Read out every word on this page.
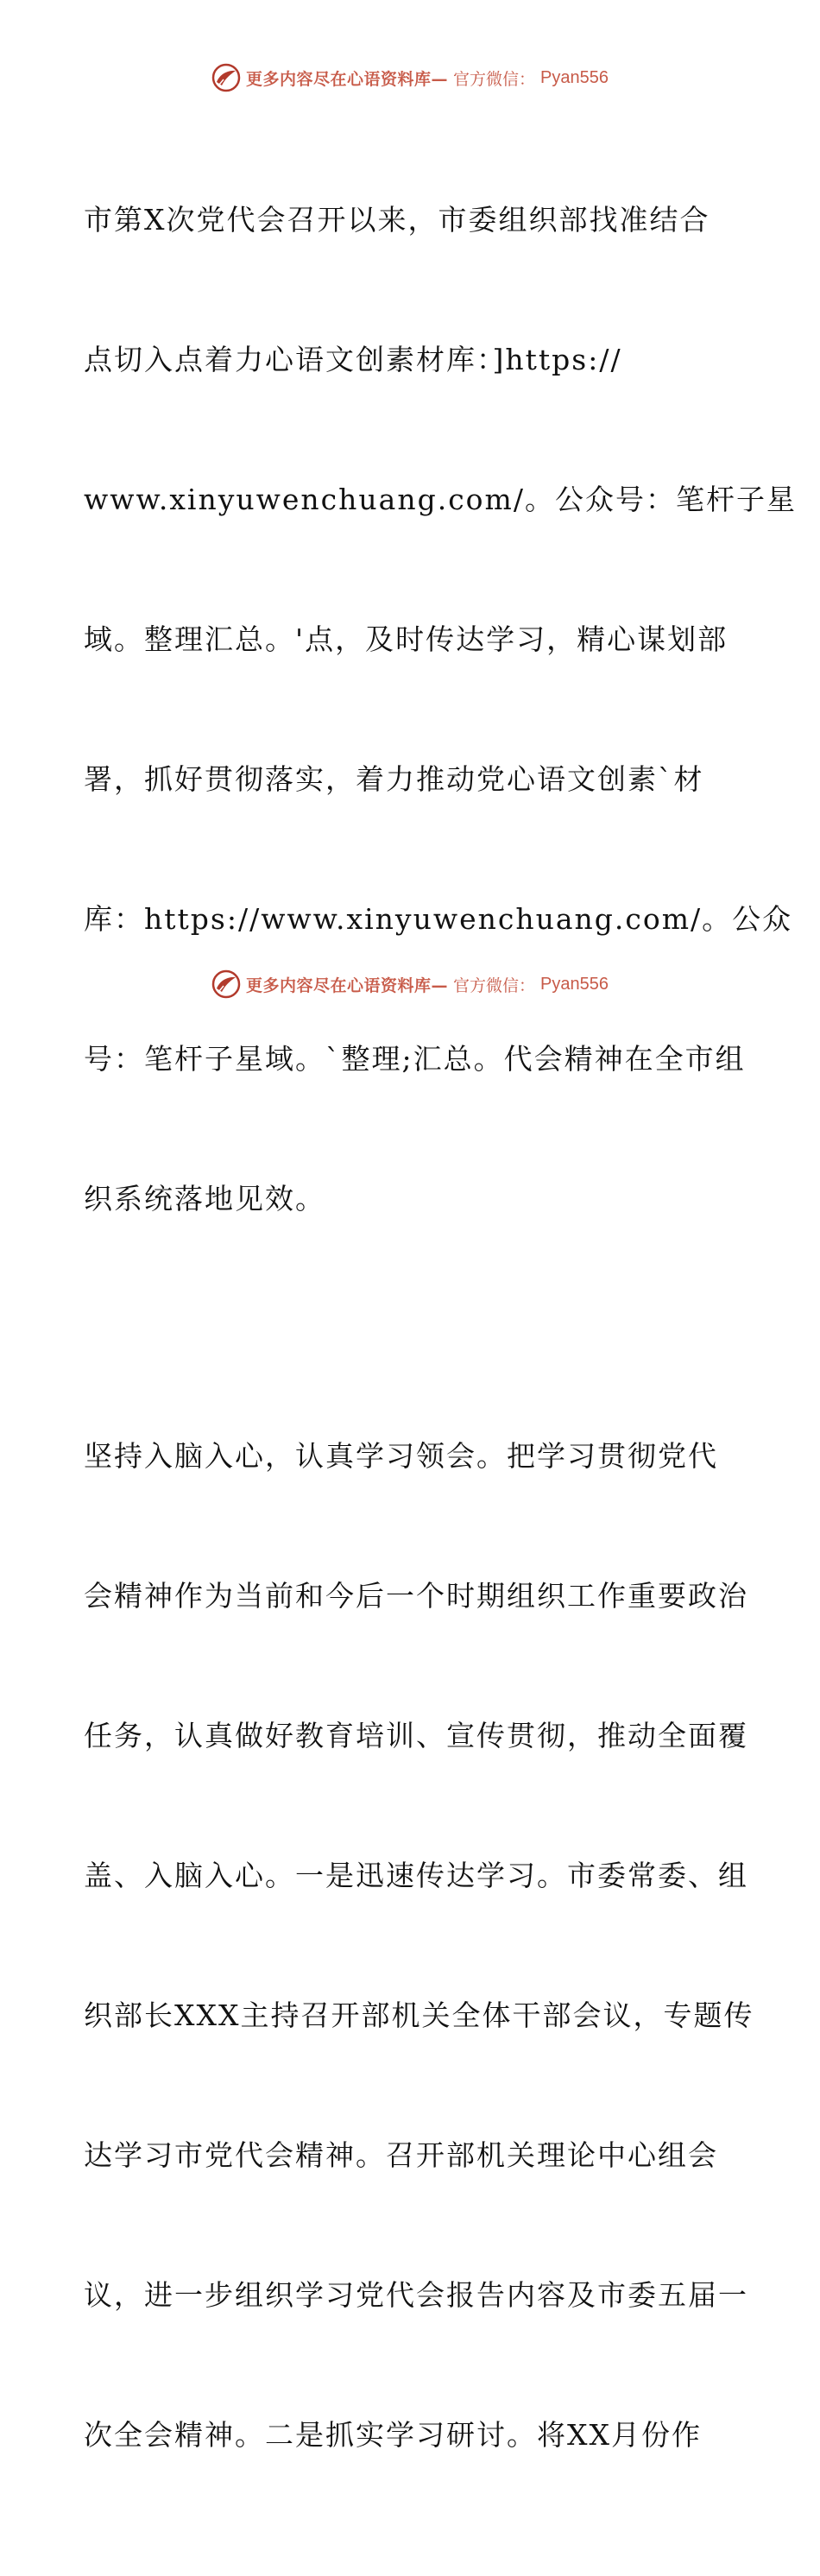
更多内容尽在心语资料库— 官方微信： Pyan556

市第X次党代会召开以来，市委组织部找准结合

点切入点着力心语文创素材库：]https://

www.xinyuwenchuang.com/。公众号：笔杆子星

域。整理汇总。'点，及时传达学习，精心谋划部

署，抓好贯彻落实，着力推动党心语文创素`材

库：https://www.xinyuwenchuang.com/。公众

号：笔杆子星域。`整理;汇总。代会精神在全市组

织系统落地见效。

坚持入脑入心，认真学习领会。把学习贯彻党代

会精神作为当前和今后一个时期组织工作重要政治

任务，认真做好教育培训、宣传贯彻，推动全面覆

盖、入脑入心。一是迅速传达学习。市委常委、组

织部长XXX主持召开部机关全体干部会议，专题传

达学习市党代会精神。召开部机关理论中心组会

议，进一步组织学习党代会报告内容及市委五届一

次全会精神。二是抓实学习研讨。将XX月份作

更多内容尽在心语资料库— 官方微信： Pyan556
